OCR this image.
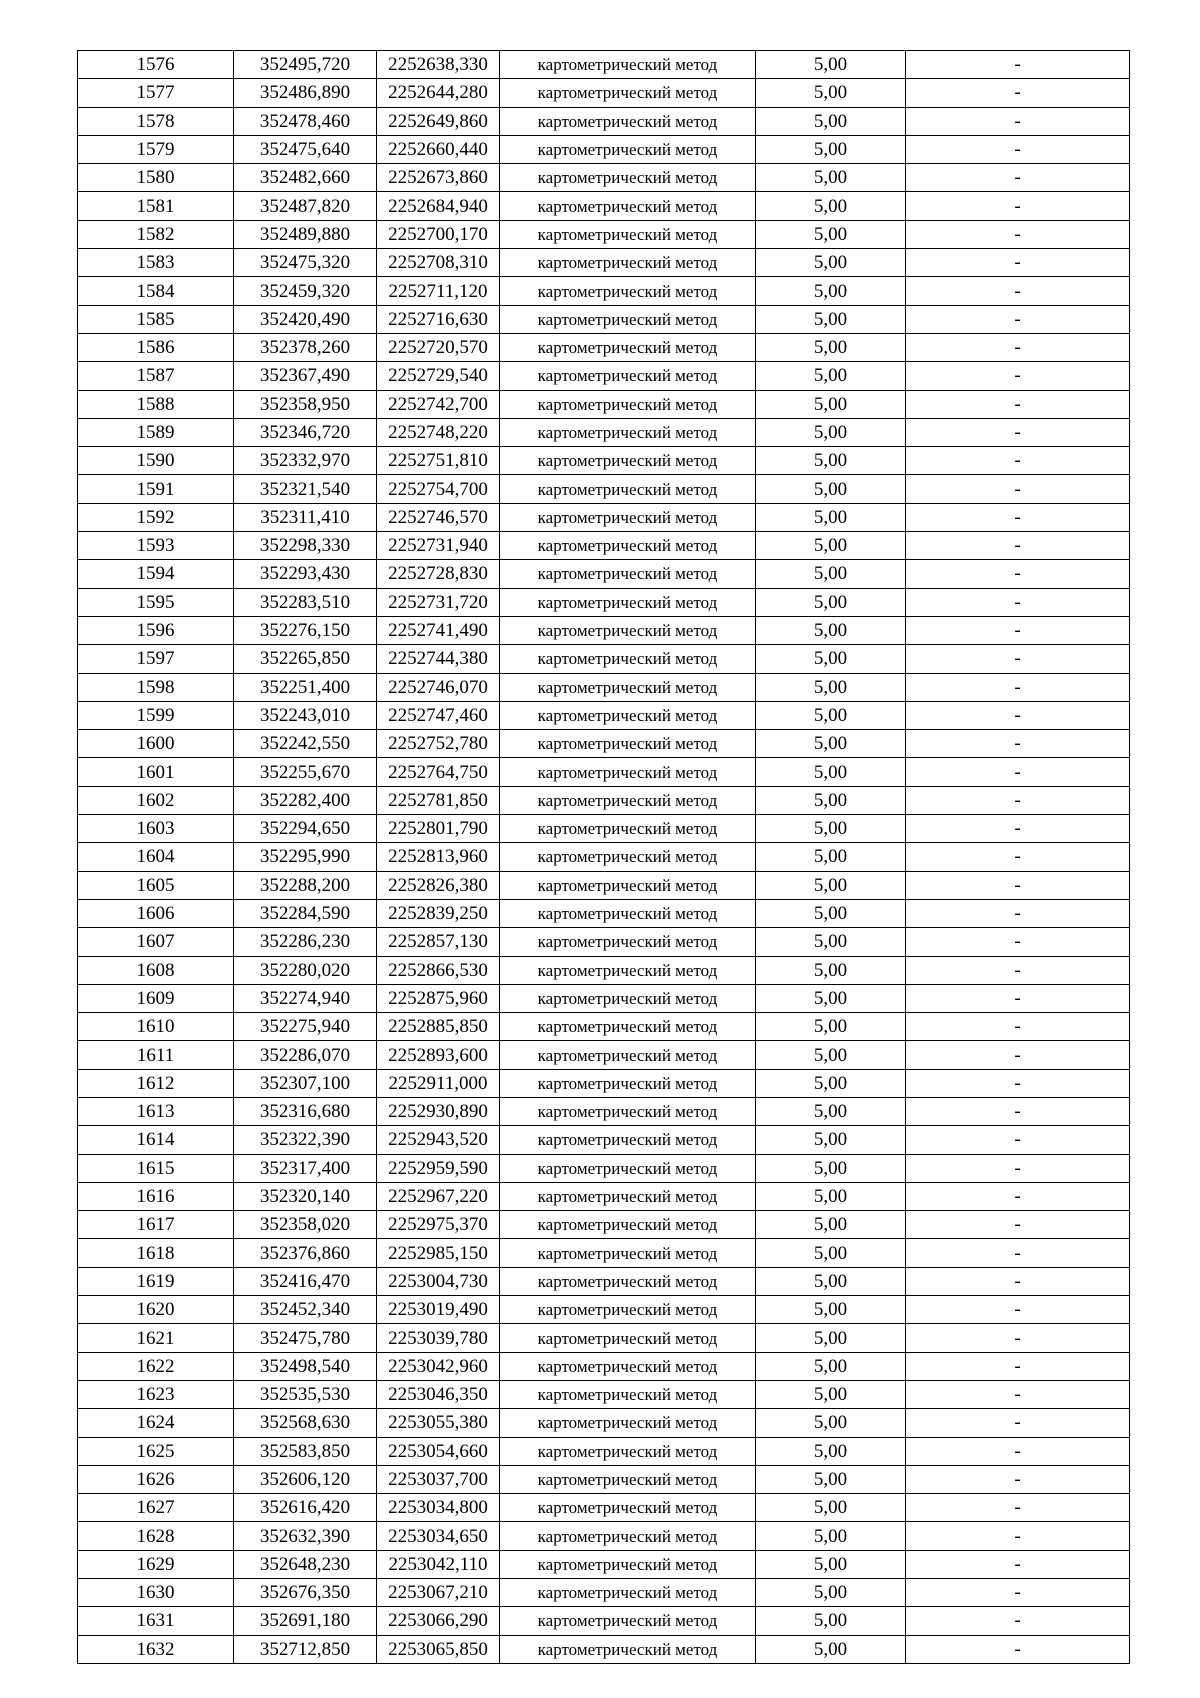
1576	352495,720	2252638,330	картометрический метод	5,00	-
1577	352486,890	2252644,280	картометрический метод	5,00	-
1578	352478,460	2252649,860	картометрический метод	5,00	-
1579	352475,640	2252660,440	картометрический метод	5,00	-
1580	352482,660	2252673,860	картометрический метод	5,00	-
1581	352487,820	2252684,940	картометрический метод	5,00	-
1582	352489,880	2252700,170	картометрический метод	5,00	-
1583	352475,320	2252708,310	картометрический метод	5,00	-
1584	352459,320	2252711,120	картометрический метод	5,00	-
1585	352420,490	2252716,630	картометрический метод	5,00	-
1586	352378,260	2252720,570	картометрический метод	5,00	-
1587	352367,490	2252729,540	картометрический метод	5,00	-
1588	352358,950	2252742,700	картометрический метод	5,00	-
1589	352346,720	2252748,220	картометрический метод	5,00	-
1590	352332,970	2252751,810	картометрический метод	5,00	-
1591	352321,540	2252754,700	картометрический метод	5,00	-
1592	352311,410	2252746,570	картометрический метод	5,00	-
1593	352298,330	2252731,940	картометрический метод	5,00	-
1594	352293,430	2252728,830	картометрический метод	5,00	-
1595	352283,510	2252731,720	картометрический метод	5,00	-
1596	352276,150	2252741,490	картометрический метод	5,00	-
1597	352265,850	2252744,380	картометрический метод	5,00	-
1598	352251,400	2252746,070	картометрический метод	5,00	-
1599	352243,010	2252747,460	картометрический метод	5,00	-
1600	352242,550	2252752,780	картометрический метод	5,00	-
1601	352255,670	2252764,750	картометрический метод	5,00	-
1602	352282,400	2252781,850	картометрический метод	5,00	-
1603	352294,650	2252801,790	картометрический метод	5,00	-
1604	352295,990	2252813,960	картометрический метод	5,00	-
1605	352288,200	2252826,380	картометрический метод	5,00	-
1606	352284,590	2252839,250	картометрический метод	5,00	-
1607	352286,230	2252857,130	картометрический метод	5,00	-
1608	352280,020	2252866,530	картометрический метод	5,00	-
1609	352274,940	2252875,960	картометрический метод	5,00	-
1610	352275,940	2252885,850	картометрический метод	5,00	-
1611	352286,070	2252893,600	картометрический метод	5,00	-
1612	352307,100	2252911,000	картометрический метод	5,00	-
1613	352316,680	2252930,890	картометрический метод	5,00	-
1614	352322,390	2252943,520	картометрический метод	5,00	-
1615	352317,400	2252959,590	картометрический метод	5,00	-
1616	352320,140	2252967,220	картометрический метод	5,00	-
1617	352358,020	2252975,370	картометрический метод	5,00	-
1618	352376,860	2252985,150	картометрический метод	5,00	-
1619	352416,470	2253004,730	картометрический метод	5,00	-
1620	352452,340	2253019,490	картометрический метод	5,00	-
1621	352475,780	2253039,780	картометрический метод	5,00	-
1622	352498,540	2253042,960	картометрический метод	5,00	-
1623	352535,530	2253046,350	картометрический метод	5,00	-
1624	352568,630	2253055,380	картометрический метод	5,00	-
1625	352583,850	2253054,660	картометрический метод	5,00	-
1626	352606,120	2253037,700	картометрический метод	5,00	-
1627	352616,420	2253034,800	картометрический метод	5,00	-
1628	352632,390	2253034,650	картометрический метод	5,00	-
1629	352648,230	2253042,110	картометрический метод	5,00	-
1630	352676,350	2253067,210	картометрический метод	5,00	-
1631	352691,180	2253066,290	картометрический метод	5,00	-
1632	352712,850	2253065,850	картометрический метод	5,00	-
